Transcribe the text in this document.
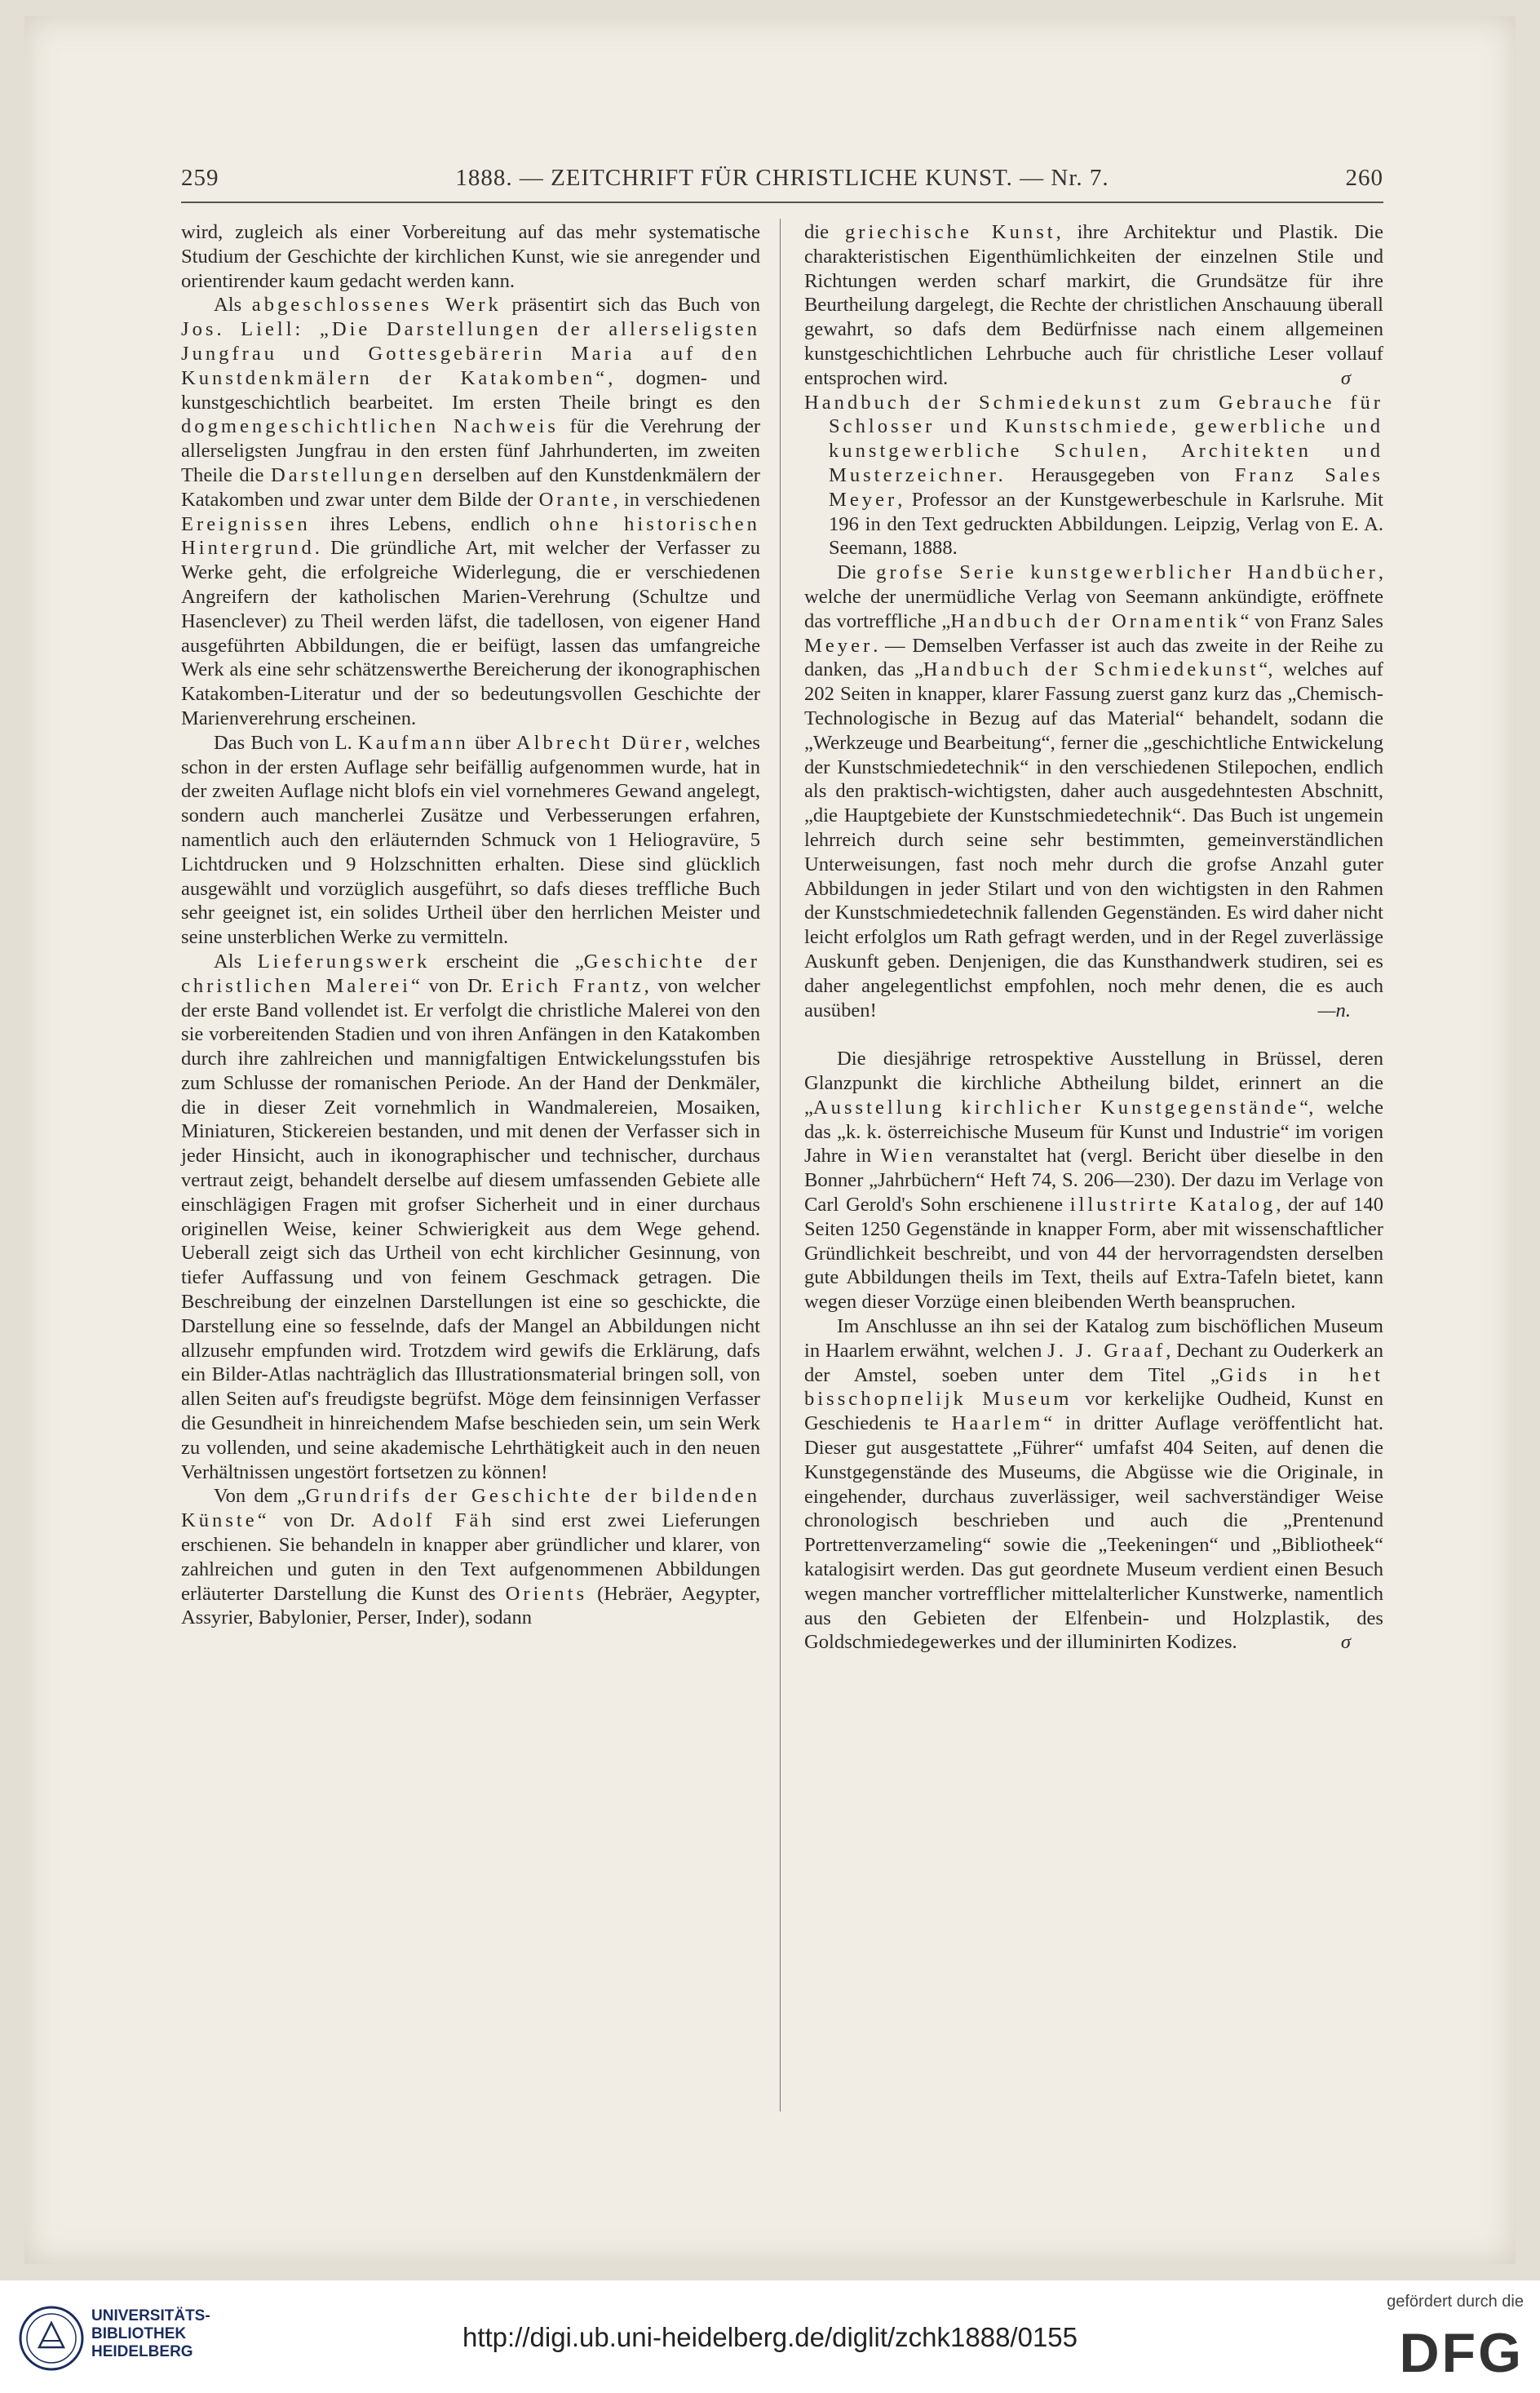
259	1888. — ZEITCHRIFT FÜR CHRISTLICHE KUNST. — Nr. 7.	260

wird, zugleich als einer Vorbereitung auf das mehr systematische Studium der Geschichte der kirchlichen Kunst, wie sie anregender und orientirender kaum gedacht werden kann.

Als abgeschlossenes Werk präsentirt sich das Buch von Jos. Liell: „Die Darstellungen der allerseligsten Jungfrau und Gottesgebärerin Maria auf den Kunstdenkmälern der Katakomben“, dogmen- und kunstgeschichtlich bearbeitet. Im ersten Theile bringt es den dogmengeschichtlichen Nachweis für die Verehrung der allerseligsten Jungfrau in den ersten fünf Jahrhunderten, im zweiten Theile die Darstellungen derselben auf den Kunstdenkmälern der Katakomben und zwar unter dem Bilde der Orante, in verschiedenen Ereignissen ihres Lebens, endlich ohne historischen Hintergrund. Die gründliche Art, mit welcher der Verfasser zu Werke geht, die erfolgreiche Widerlegung, die er verschiedenen Angreifern der katholischen Marien-Verehrung (Schultze und Hasenclever) zu Theil werden läfst, die tadellosen, von eigener Hand ausgeführten Abbildungen, die er beifügt, lassen das umfangreiche Werk als eine sehr schätzenswerthe Bereicherung der ikonographischen Katakomben-Literatur und der so bedeutungsvollen Geschichte der Marienverehrung erscheinen.

Das Buch von L. Kaufmann über Albrecht Dürer, welches schon in der ersten Auflage sehr beifällig aufgenommen wurde, hat in der zweiten Auflage nicht blofs ein viel vornehmeres Gewand angelegt, sondern auch mancherlei Zusätze und Verbesserungen erfahren, namentlich auch den erläuternden Schmuck von 1 Heliogravüre, 5 Lichtdrucken und 9 Holzschnitten erhalten. Diese sind glücklich ausgewählt und vorzüglich ausgeführt, so dafs dieses treffliche Buch sehr geeignet ist, ein solides Urtheil über den herrlichen Meister und seine unsterblichen Werke zu vermitteln.

Als Lieferungswerk erscheint die „Geschichte der christlichen Malerei“ von Dr. Erich Frantz, von welcher der erste Band vollendet ist. Er verfolgt die christliche Malerei von den sie vorbereitenden Stadien und von ihren Anfängen in den Katakomben durch ihre zahlreichen und mannigfaltigen Entwickelungsstufen bis zum Schlusse der romanischen Periode. An der Hand der Denkmäler, die in dieser Zeit vornehmlich in Wandmalereien, Mosaiken, Miniaturen, Stickereien bestanden, und mit denen der Verfasser sich in jeder Hinsicht, auch in ikonographischer und technischer, durchaus vertraut zeigt, behandelt derselbe auf diesem umfassenden Gebiete alle einschlägigen Fragen mit grofser Sicherheit und in einer durchaus originellen Weise, keiner Schwierigkeit aus dem Wege gehend. Ueberall zeigt sich das Urtheil von echt kirchlicher Gesinnung, von tiefer Auffassung und von feinem Geschmack getragen. Die Beschreibung der einzelnen Darstellungen ist eine so geschickte, die Darstellung eine so fesselnde, dafs der Mangel an Abbildungen nicht allzusehr empfunden wird. Trotzdem wird gewifs die Erklärung, dafs ein Bilder-Atlas nachträglich das Illustrationsmaterial bringen soll, von allen Seiten auf's freudigste begrüfst. Möge dem feinsinnigen Verfasser die Gesundheit in hinreichendem Mafse beschieden sein, um sein Werk zu vollenden, und seine akademische Lehrthätigkeit auch in den neuen Verhältnissen ungestört fortsetzen zu können!

Von dem „Grundrifs der Geschichte der bildenden Künste“ von Dr. Adolf Fäh sind erst zwei Lieferungen erschienen. Sie behandeln in knapper aber gründlicher und klarer, von zahlreichen und guten in den Text aufgenommenen Abbildungen erläuterter Darstellung die Kunst des Orients (Hebräer, Aegypter, Assyrier, Babylonier, Perser, Inder), sodann

die griechische Kunst, ihre Architektur und Plastik. Die charakteristischen Eigenthümlichkeiten der einzelnen Stile und Richtungen werden scharf markirt, die Grundsätze für ihre Beurtheilung dargelegt, die Rechte der christlichen Anschauung überall gewahrt, so dafs dem Bedürfnisse nach einem allgemeinen kunstgeschichtlichen Lehrbuche auch für christliche Leser vollauf entsprochen wird.	σ

Handbuch der Schmiedekunst zum Gebrauche für Schlosser und Kunstschmiede, gewerbliche und kunstgewerbliche Schulen, Architekten und Musterzeichner. Herausgegeben von Franz Sales Meyer, Professor an der Kunstgewerbeschule in Karlsruhe. Mit 196 in den Text gedruckten Abbildungen. Leipzig, Verlag von E. A. Seemann, 1888.

Die grofse Serie kunstgewerblicher Handbücher, welche der unermüdliche Verlag von Seemann ankündigte, eröffnete das vortreffliche „Handbuch der Ornamentik“ von Franz Sales Meyer. — Demselben Verfasser ist auch das zweite in der Reihe zu danken, das „Handbuch der Schmiedekunst“, welches auf 202 Seiten in knapper, klarer Fassung zuerst ganz kurz das „Chemisch-Technologische in Bezug auf das Material“ behandelt, sodann die „Werkzeuge und Bearbeitung“, ferner die „geschichtliche Entwickelung der Kunstschmiedetechnik“ in den verschiedenen Stilepochen, endlich als den praktisch-wichtigsten, daher auch ausgedehntesten Abschnitt, „die Hauptgebiete der Kunstschmiedetechnik“. Das Buch ist ungemein lehrreich durch seine sehr bestimmten, gemeinverständlichen Unterweisungen, fast noch mehr durch die grofse Anzahl guter Abbildungen in jeder Stilart und von den wichtigsten in den Rahmen der Kunstschmiedetechnik fallenden Gegenständen. Es wird daher nicht leicht erfolglos um Rath gefragt werden, und in der Regel zuverlässige Auskunft geben. Denjenigen, die das Kunsthandwerk studiren, sei es daher angelegentlichst empfohlen, noch mehr denen, die es auch ausüben!	—n.

Die diesjährige retrospektive Ausstellung in Brüssel, deren Glanzpunkt die kirchliche Abtheilung bildet, erinnert an die „Ausstellung kirchlicher Kunstgegenstände“, welche das „k. k. österreichische Museum für Kunst und Industrie“ im vorigen Jahre in Wien veranstaltet hat (vergl. Bericht über dieselbe in den Bonner „Jahrbüchern“ Heft 74, S. 206—230). Der dazu im Verlage von Carl Gerold's Sohn erschienene illustrirte Katalog, der auf 140 Seiten 1250 Gegenstände in knapper Form, aber mit wissenschaftlicher Gründlichkeit beschreibt, und von 44 der hervorragendsten derselben gute Abbildungen theils im Text, theils auf Extra-Tafeln bietet, kann wegen dieser Vorzüge einen bleibenden Werth beanspruchen.

Im Anschlusse an ihn sei der Katalog zum bischöflichen Museum in Haarlem erwähnt, welchen J. J. Graaf, Dechant zu Ouderkerk an der Amstel, soeben unter dem Titel „Gids in het bisschopпelijk Museum vor kerkelijke Oudheid, Kunst en Geschiedenis te Haarlem“ in dritter Auflage veröffentlicht hat. Dieser gut ausgestattete „Führer“ umfafst 404 Seiten, auf denen die Kunstgegenstände des Museums, die Abgüsse wie die Originale, in eingehender, durchaus zuverlässiger, weil sachverständiger Weise chronologisch beschrieben und auch die „Prentenund Portrettenverzameling“ sowie die „Teekeningen“ und „Bibliotheek“ katalogisirt werden. Das gut geordnete Museum verdient einen Besuch wegen mancher vortrefflicher mittelalterlicher Kunstwerke, namentlich aus den Gebieten der Elfenbein- und Holzplastik, des Goldschmiedegewerkes und der illuminirten Kodizes.	σ

UNIVERSITÄTS-
BIBLIOTHEK
HEIDELBERG	http://digi.ub.uni-heidelberg.de/diglit/zchk1888/0155
gefördert durch die
DFG
